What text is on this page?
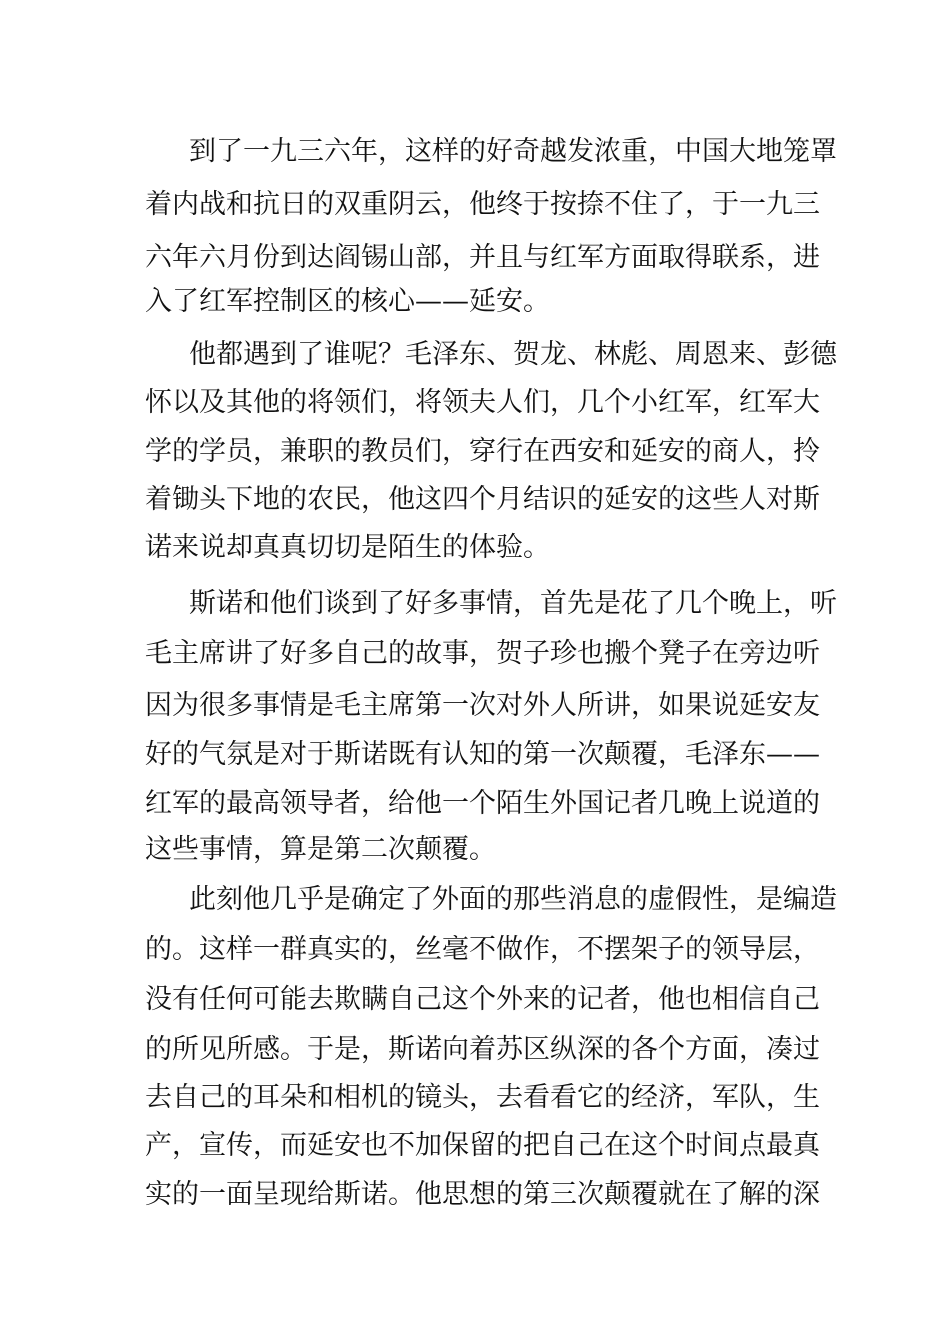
到了一九三六年，这样的好奇越发浓重，中国大地笼罩

着内战和抗日的双重阴云，他终于按捺不住了，于一九三

六年六月份到达阎锡山部，并且与红军方面取得联系，进

入了红军控制区的核心——延安。

他都遇到了谁呢？毛泽东、贺龙、林彪、周恩来、彭德

怀以及其他的将领们，将领夫人们，几个小红军，红军大

学的学员，兼职的教员们，穿行在西安和延安的商人，拎

着锄头下地的农民，他这四个月结识的延安的这些人对斯

诺来说却真真切切是陌生的体验。

斯诺和他们谈到了好多事情，首先是花了几个晚上，听

毛主席讲了好多自己的故事，贺子珍也搬个凳子在旁边听

因为很多事情是毛主席第一次对外人所讲，如果说延安友

好的气氛是对于斯诺既有认知的第一次颠覆，毛泽东——

红军的最高领导者，给他一个陌生外国记者几晚上说道的

这些事情，算是第二次颠覆。

此刻他几乎是确定了外面的那些消息的虚假性，是编造

的。这样一群真实的，丝毫不做作，不摆架子的领导层，

没有任何可能去欺瞒自己这个外来的记者，他也相信自己

的所见所感。于是，斯诺向着苏区纵深的各个方面，凑过

去自己的耳朵和相机的镜头，去看看它的经济，军队，生

产，宣传，而延安也不加保留的把自己在这个时间点最真

实的一面呈现给斯诺。他思想的第三次颠覆就在了解的深
